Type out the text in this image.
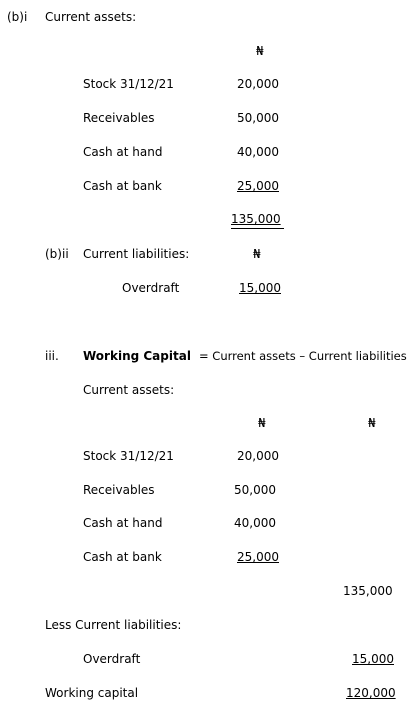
(b)i Current assets:
₦
Stock 31/12/21	20,000
Receivables	50,000
Cash at hand	40,000
Cash at bank	25,000
135,000
(b)ii Current liabilities:	₦
Overdraft	15,000
iii. Working Capital = Current assets – Current liabilities
Current assets:
₦	₦
Stock 31/12/21	20,000
Receivables	50,000
Cash at hand	40,000
Cash at bank	25,000
135,000
Less Current liabilities:
Overdraft	15,000
Working capital	120,000
